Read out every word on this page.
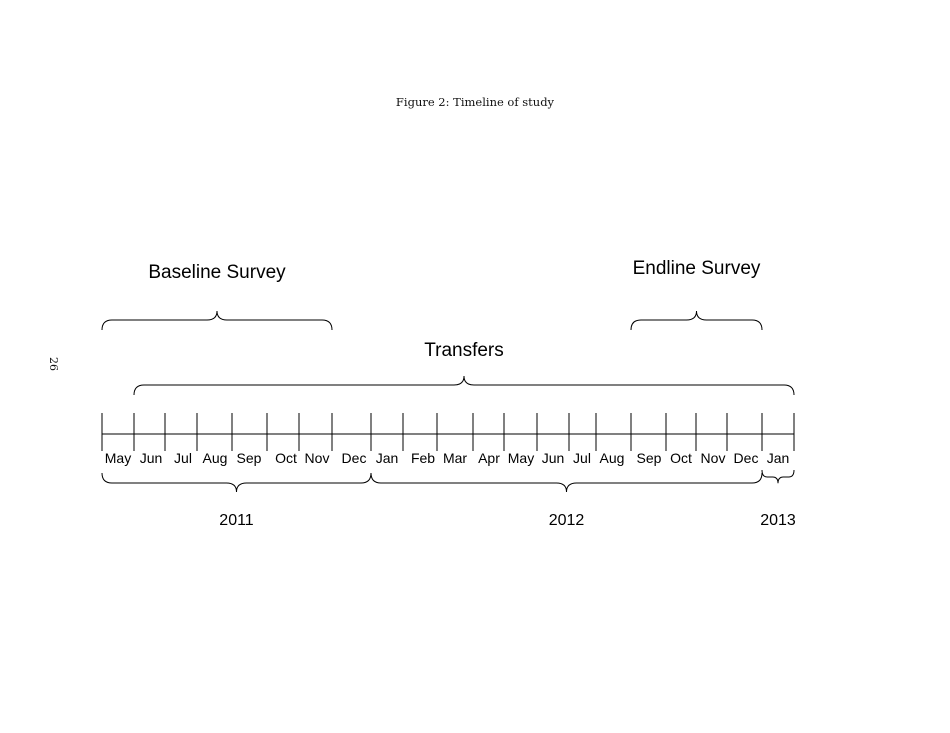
Figure 2: Timeline of study
26
Baseline Survey
Transfers
Endline Survey
May Jun Jul Aug Sep Oct Nov Dec Jan Feb Mar Apr May Jun Jul Aug Sep Oct Nov Dec Jan
2011	2012	2013
